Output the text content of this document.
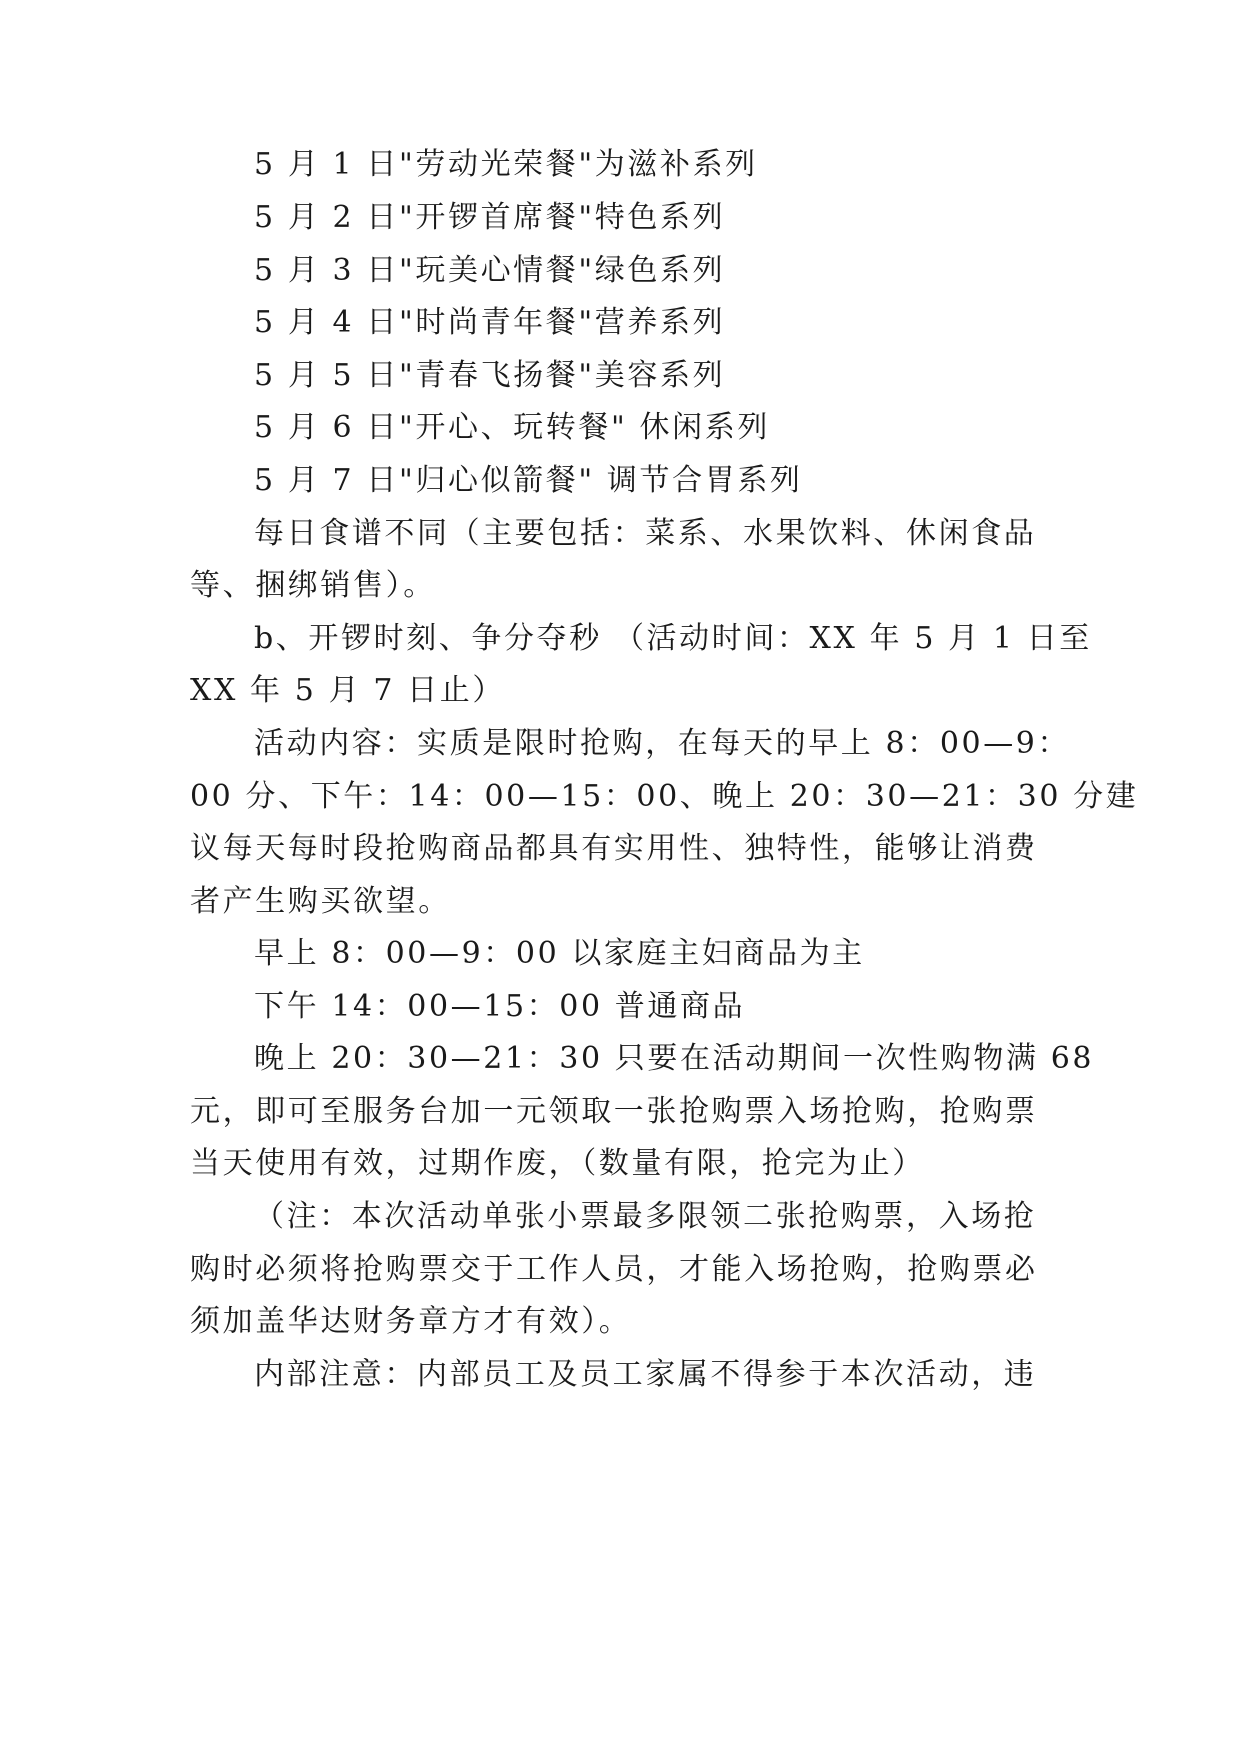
5 月 1 日"劳动光荣餐"为滋补系列
5 月 2 日"开锣首席餐"特色系列
5 月 3 日"玩美心情餐"绿色系列
5 月 4 日"时尚青年餐"营养系列
5 月 5 日"青春飞扬餐"美容系列
5 月 6 日"开心、玩转餐" 休闲系列
5 月 7 日"归心似箭餐" 调节合胃系列
每日食谱不同（主要包括：菜系、水果饮料、休闲食品
等、捆绑销售）。
b、开锣时刻、争分夺秒 （活动时间：XX 年 5 月 1 日至
XX 年 5 月 7 日止）
活动内容：实质是限时抢购，在每天的早上 8：00—9：
00 分、下午：14：00—15：00、晚上 20：30—21：30 分建
议每天每时段抢购商品都具有实用性、独特性，能够让消费
者产生购买欲望。
早上 8：00—9：00 以家庭主妇商品为主
下午 14：00—15：00 普通商品
晚上 20：30—21：30 只要在活动期间一次性购物满 68
元，即可至服务台加一元领取一张抢购票入场抢购，抢购票
当天使用有效，过期作废，（数量有限，抢完为止）
（注：本次活动单张小票最多限领二张抢购票，入场抢
购时必须将抢购票交于工作人员，才能入场抢购，抢购票必
须加盖华达财务章方才有效）。
内部注意：内部员工及员工家属不得参于本次活动，违
